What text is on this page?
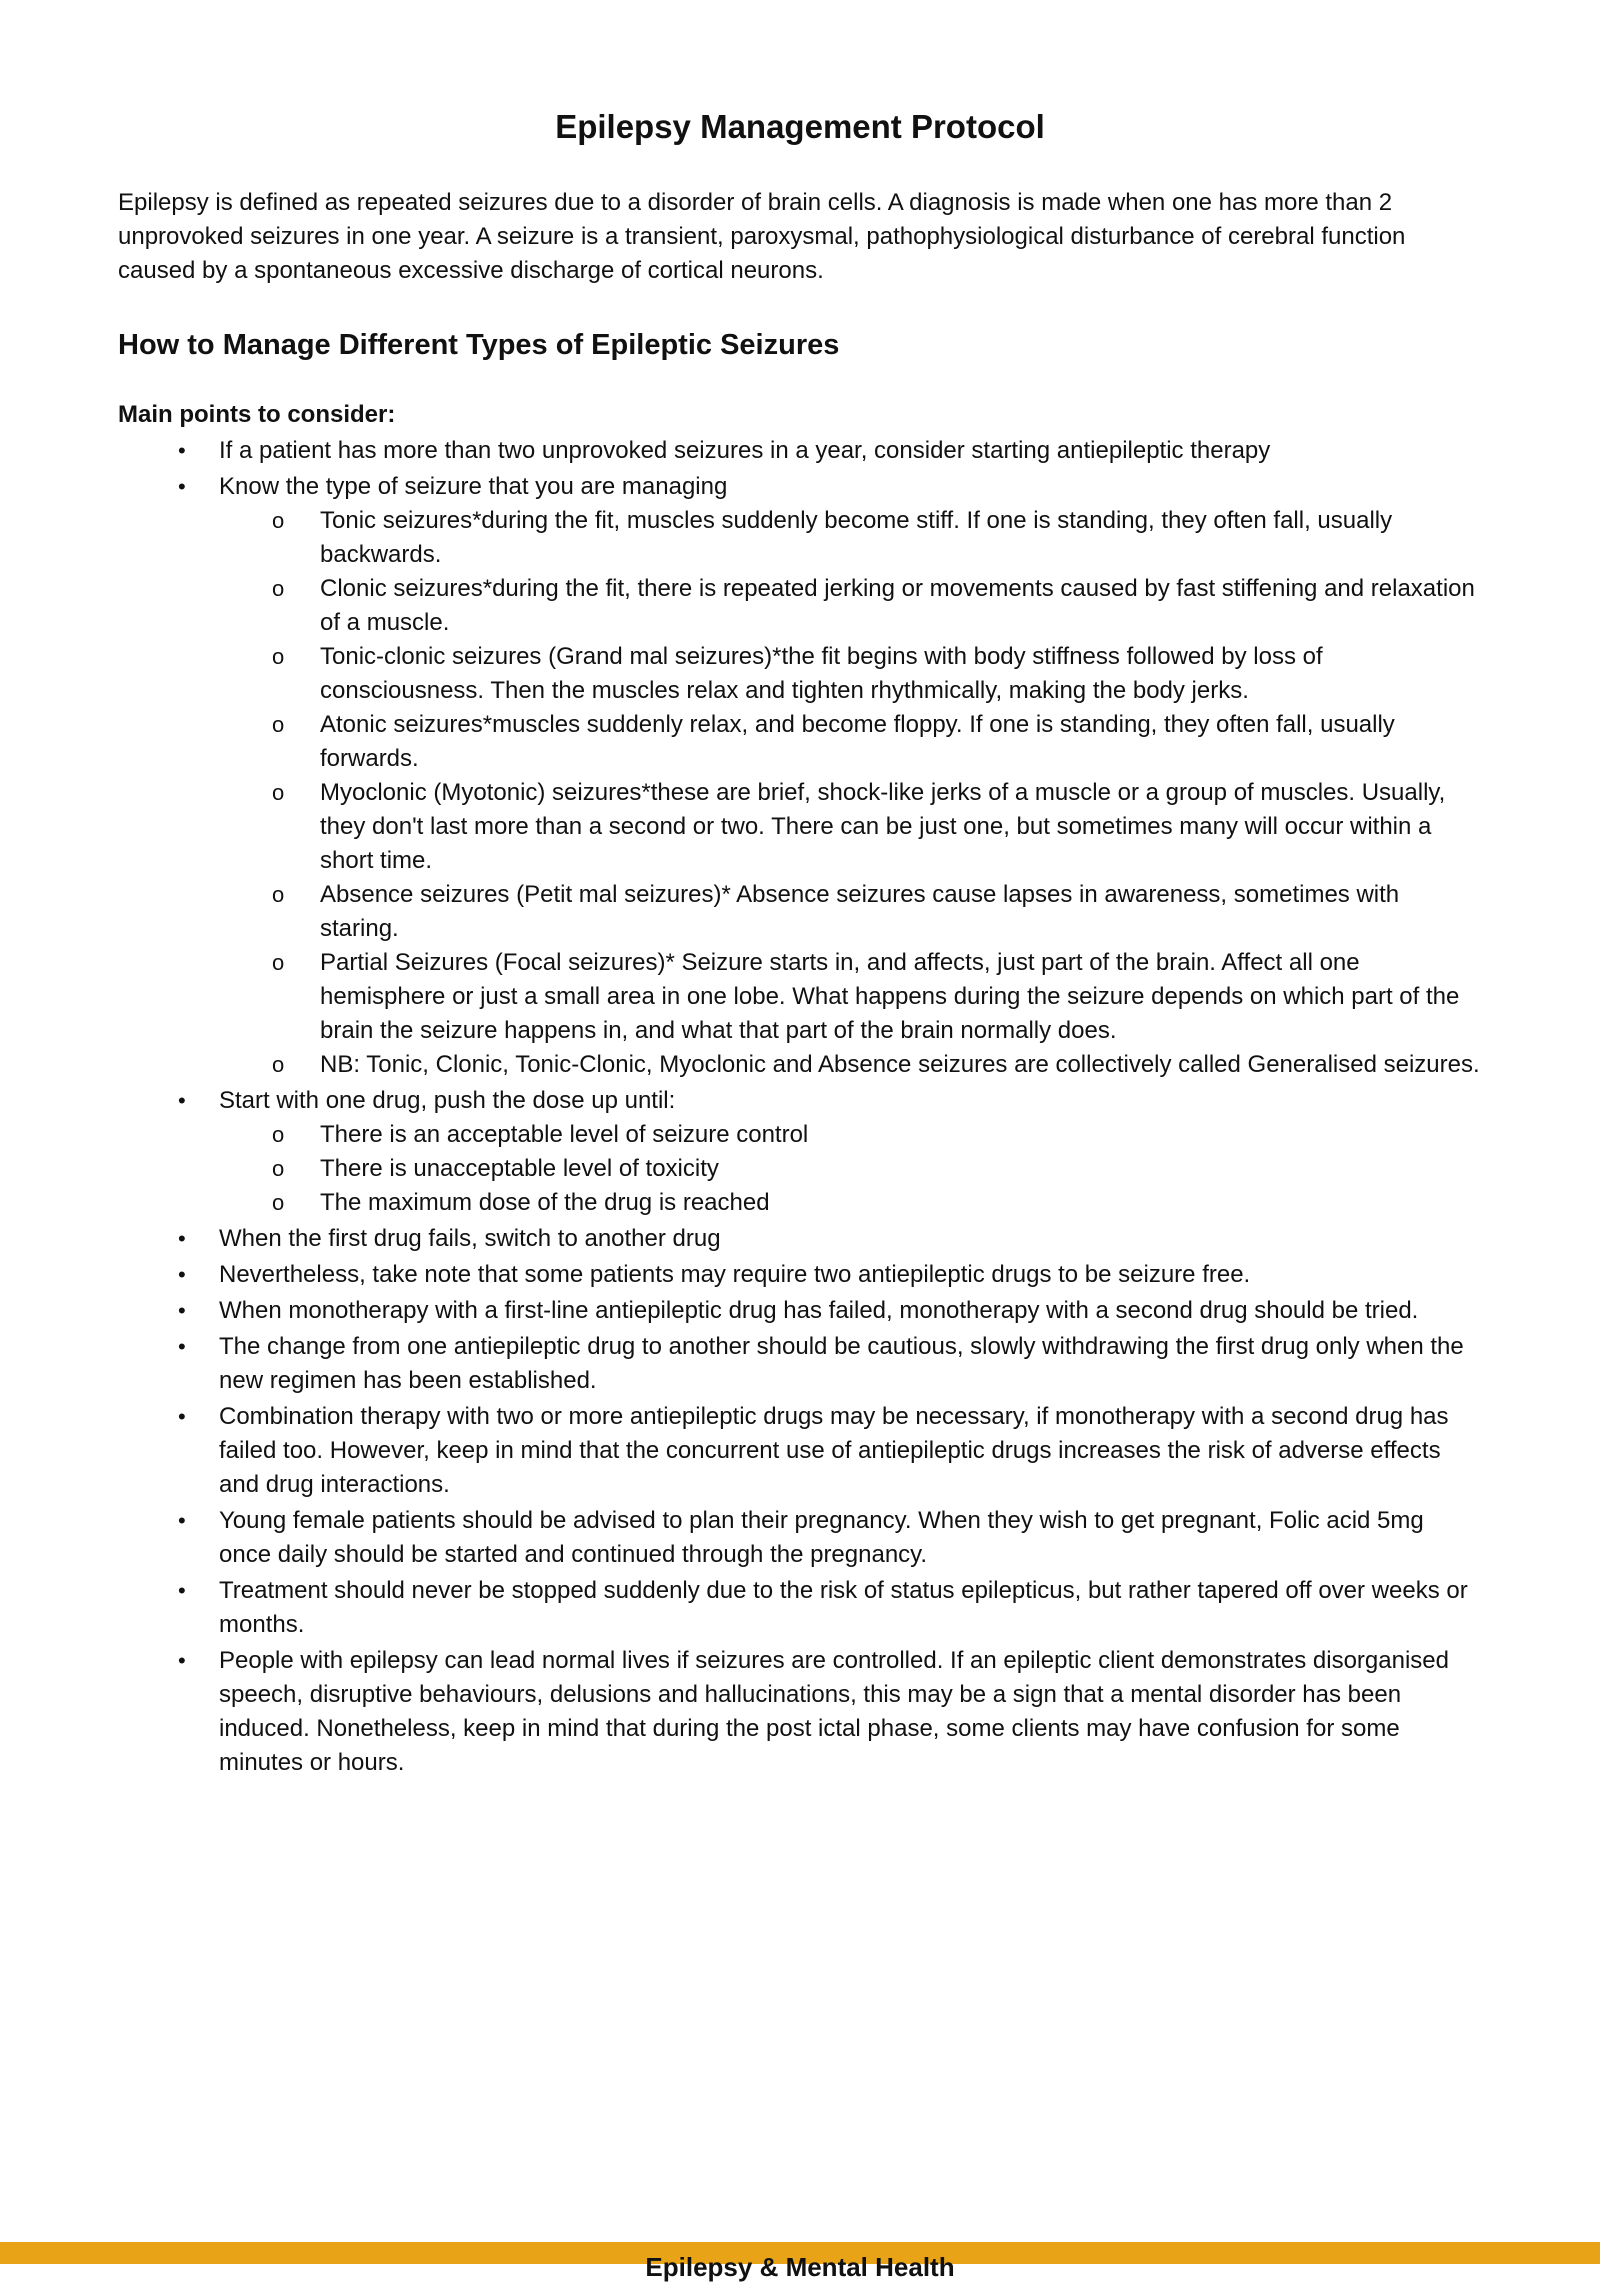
Epilepsy Management Protocol

Epilepsy is defined as repeated seizures due to a disorder of brain cells. A diagnosis is made when one has more than 2 unprovoked seizures in one year. A seizure is a transient, paroxysmal, pathophysiological disturbance of cerebral function caused by a spontaneous excessive discharge of cortical neurons.

How to Manage Different Types of Epileptic Seizures

Main points to consider:

• If a patient has more than two unprovoked seizures in a year, consider starting antiepileptic therapy
• Know the type of seizure that you are managing
o Tonic seizures*during the fit, muscles suddenly become stiff. If one is standing, they often fall, usually backwards.
o Clonic seizures*during the fit, there is repeated jerking or movements caused by fast stiffening and relaxation of a muscle.
o Tonic-clonic seizures (Grand mal seizures)*the fit begins with body stiffness followed by loss of consciousness. Then the muscles relax and tighten rhythmically, making the body jerks.
o Atonic seizures*muscles suddenly relax, and become floppy. If one is standing, they often fall, usually forwards.
o Myoclonic (Myotonic) seizures*these are brief, shock-like jerks of a muscle or a group of muscles. Usually, they don't last more than a second or two. There can be just one, but sometimes many will occur within a short time.
o Absence seizures (Petit mal seizures)* Absence seizures cause lapses in awareness, sometimes with staring.
o Partial Seizures (Focal seizures)* Seizure starts in, and affects, just part of the brain. Affect all one hemisphere or just a small area in one lobe. What happens during the seizure depends on which part of the brain the seizure happens in, and what that part of the brain normally does.
o NB: Tonic, Clonic, Tonic-Clonic, Myoclonic and Absence seizures are collectively called Generalised seizures.
• Start with one drug, push the dose up until:
o There is an acceptable level of seizure control
o There is unacceptable level of toxicity
o The maximum dose of the drug is reached
• When the first drug fails, switch to another drug
• Nevertheless, take note that some patients may require two antiepileptic drugs to be seizure free.
• When monotherapy with a first-line antiepileptic drug has failed, monotherapy with a second drug should be tried.
• The change from one antiepileptic drug to another should be cautious, slowly withdrawing the first drug only when the new regimen has been established.
• Combination therapy with two or more antiepileptic drugs may be necessary, if monotherapy with a second drug has failed too. However, keep in mind that the concurrent use of antiepileptic drugs increases the risk of adverse effects and drug interactions.
• Young female patients should be advised to plan their pregnancy. When they wish to get pregnant, Folic acid 5mg once daily should be started and continued through the pregnancy.
• Treatment should never be stopped suddenly due to the risk of status epilepticus, but rather tapered off over weeks or months.
• People with epilepsy can lead normal lives if seizures are controlled. If an epileptic client demonstrates disorganised speech, disruptive behaviours, delusions and hallucinations, this may be a sign that a mental disorder has been induced. Nonetheless, keep in mind that during the post ictal phase, some clients may have confusion for some minutes or hours.
Epilepsy & Mental Health
